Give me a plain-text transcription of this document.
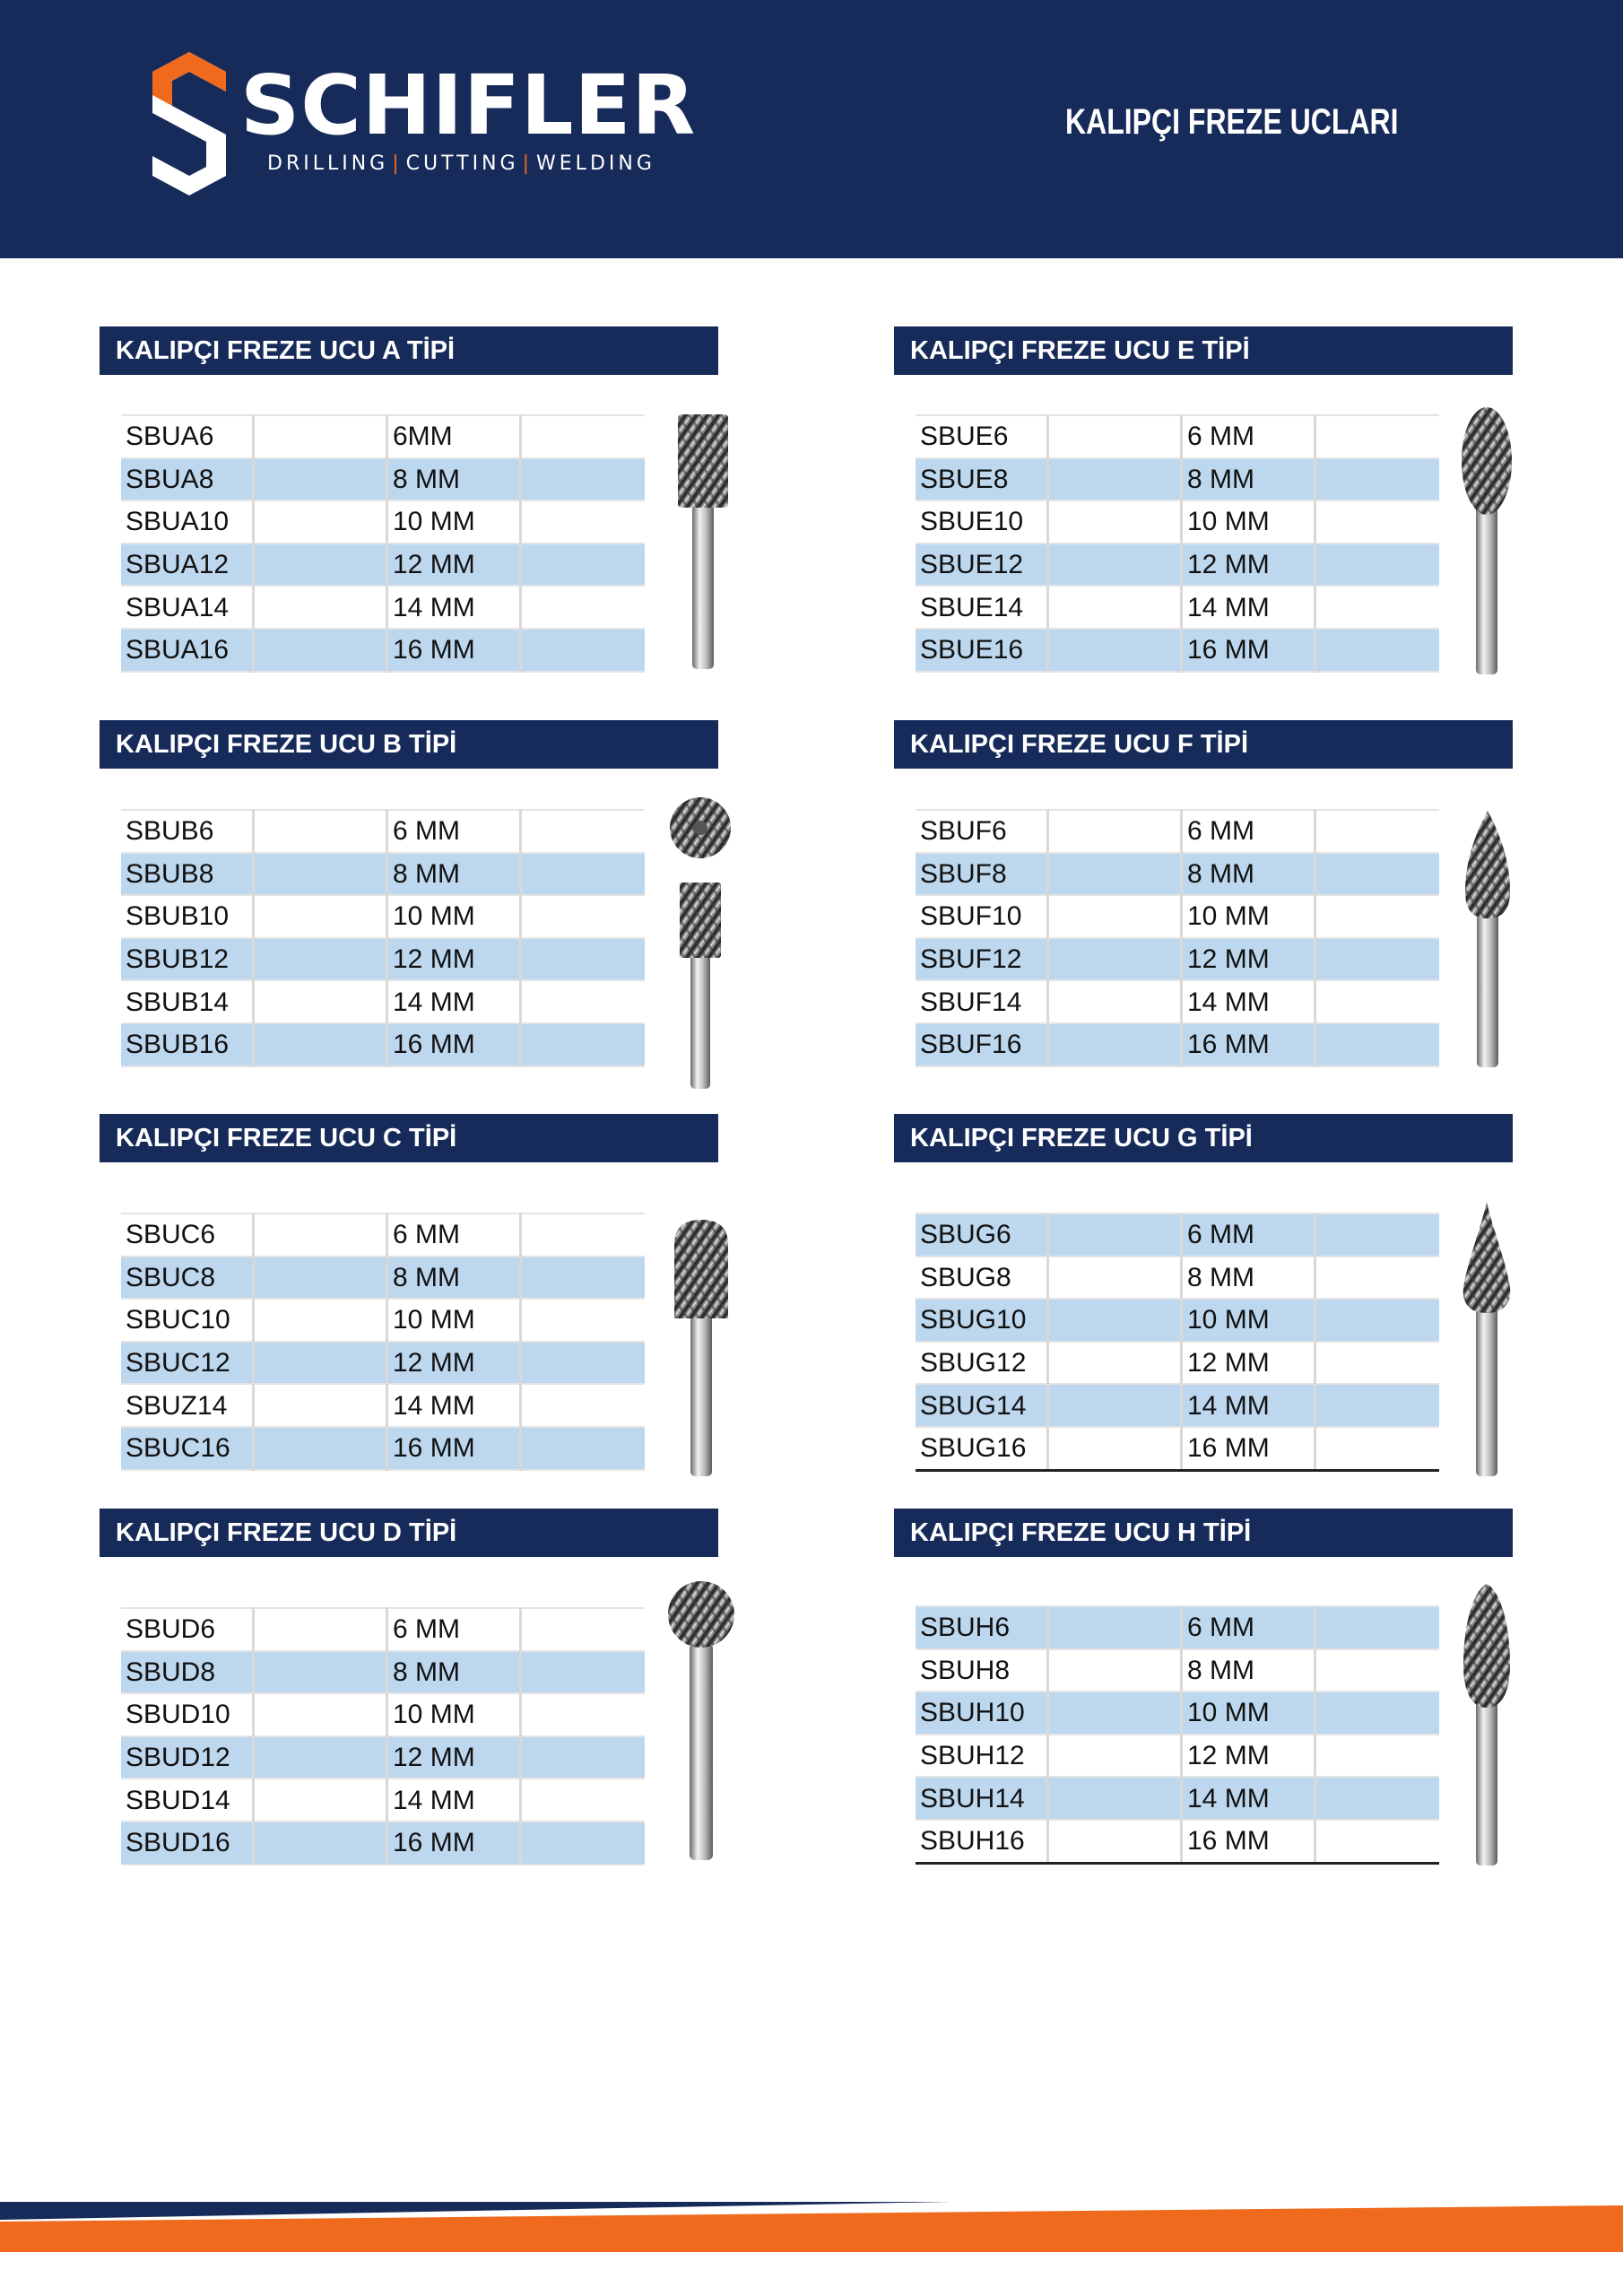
SCHIFLER
DRILLING | CUTTING | WELDING
KALIPÇI FREZE UCLARI
KALIPÇI FREZE UCU A TİPİ
SBUA6		6MM	
SBUA8		8 MM	
SBUA10		10 MM	
SBUA12		12 MM	
SBUA14		14 MM	
SBUA16		16 MM	
KALIPÇI FREZE UCU E TİPİ
SBUE6		6 MM	
SBUE8		8 MM	
SBUE10		10 MM	
SBUE12		12 MM	
SBUE14		14 MM	
SBUE16		16 MM	
KALIPÇI FREZE UCU B TİPİ
SBUB6		6 MM	
SBUB8		8 MM	
SBUB10		10 MM	
SBUB12		12 MM	
SBUB14		14 MM	
SBUB16		16 MM	
KALIPÇI FREZE UCU F TİPİ
SBUF6		6 MM	
SBUF8		8 MM	
SBUF10		10 MM	
SBUF12		12 MM	
SBUF14		14 MM	
SBUF16		16 MM	
KALIPÇI FREZE UCU C TİPİ
SBUC6		6 MM	
SBUC8		8 MM	
SBUC10		10 MM	
SBUC12		12 MM	
SBUZ14		14 MM	
SBUC16		16 MM	
KALIPÇI FREZE UCU G TİPİ
SBUG6		6 MM	
SBUG8		8 MM	
SBUG10		10 MM	
SBUG12		12 MM	
SBUG14		14 MM	
SBUG16		16 MM	
KALIPÇI FREZE UCU D TİPİ
SBUD6		6 MM	
SBUD8		8 MM	
SBUD10		10 MM	
SBUD12		12 MM	
SBUD14		14 MM	
SBUD16		16 MM	
KALIPÇI FREZE UCU H TİPİ
SBUH6		6 MM	
SBUH8		8 MM	
SBUH10		10 MM	
SBUH12		12 MM	
SBUH14		14 MM	
SBUH16		16 MM	
